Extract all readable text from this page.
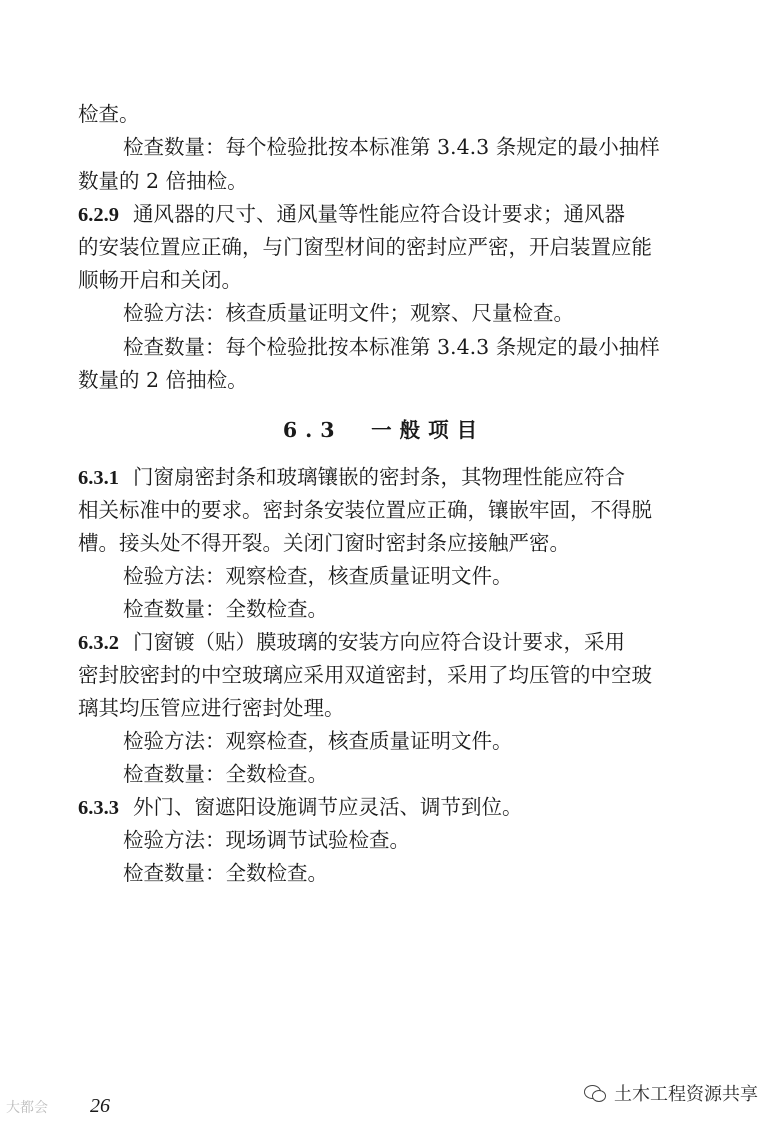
检查。
检查数量：每个检验批按本标准第 3.4.3 条规定的最小抽样
数量的 2 倍抽检。
6.2.9 通风器的尺寸、通风量等性能应符合设计要求；通风器
的安装位置应正确，与门窗型材间的密封应严密，开启装置应能
顺畅开启和关闭。
检验方法：核查质量证明文件；观察、尺量检查。
检查数量：每个检验批按本标准第 3.4.3 条规定的最小抽样
数量的 2 倍抽检。
6.3　一般项目
6.3.1 门窗扇密封条和玻璃镶嵌的密封条，其物理性能应符合
相关标准中的要求。密封条安装位置应正确，镶嵌牢固，不得脱
槽。接头处不得开裂。关闭门窗时密封条应接触严密。
检验方法：观察检查，核查质量证明文件。
检查数量：全数检查。
6.3.2 门窗镀（贴）膜玻璃的安装方向应符合设计要求，采用
密封胶密封的中空玻璃应采用双道密封，采用了均压管的中空玻
璃其均压管应进行密封处理。
检验方法：观察检查，核查质量证明文件。
检查数量：全数检查。
6.3.3 外门、窗遮阳设施调节应灵活、调节到位。
检验方法：现场调节试验检查。
检查数量：全数检查。
大都会 26
土木工程资源共享
